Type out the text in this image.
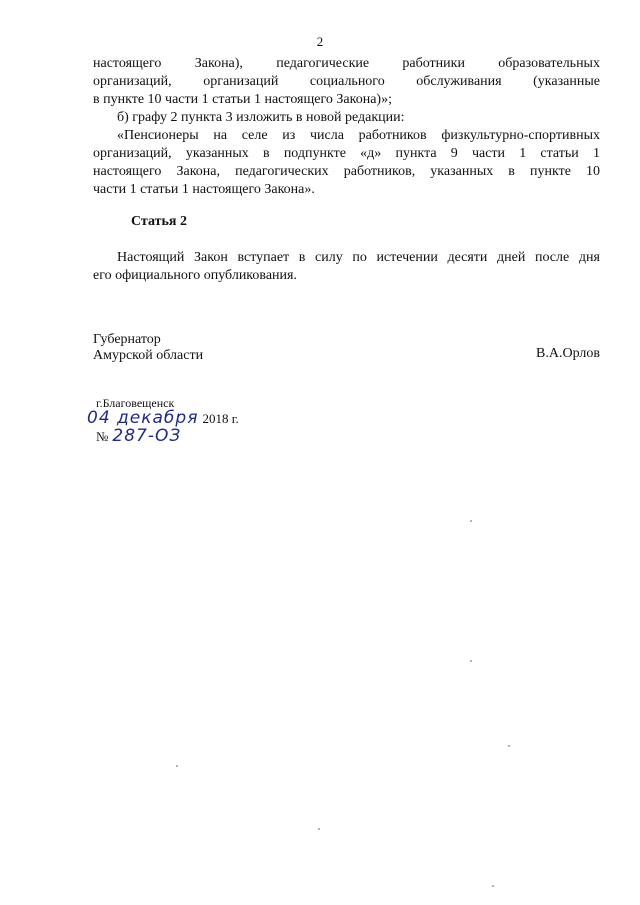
2
настоящего Закона), педагогические работники образовательных
организаций, организаций социального обслуживания (указанные
в пункте 10 части 1 статьи 1 настоящего Закона)»;
б) графу 2 пункта 3 изложить в новой редакции:
«Пенсионеры на селе из числа работников физкультурно-спортивных
организаций, указанных в подпункте «д» пункта 9 части 1 статьи 1
настоящего Закона, педагогических работников, указанных в пункте 10
части 1 статьи 1 настоящего Закона».
Статья 2
Настоящий Закон вступает в силу по истечении десяти дней после дня
его официального опубликования.
Губернатор
Амурской области	В.А.Орлов
г.Благовещенск
04 декабря 2018 г.
№ 287-ОЗ
